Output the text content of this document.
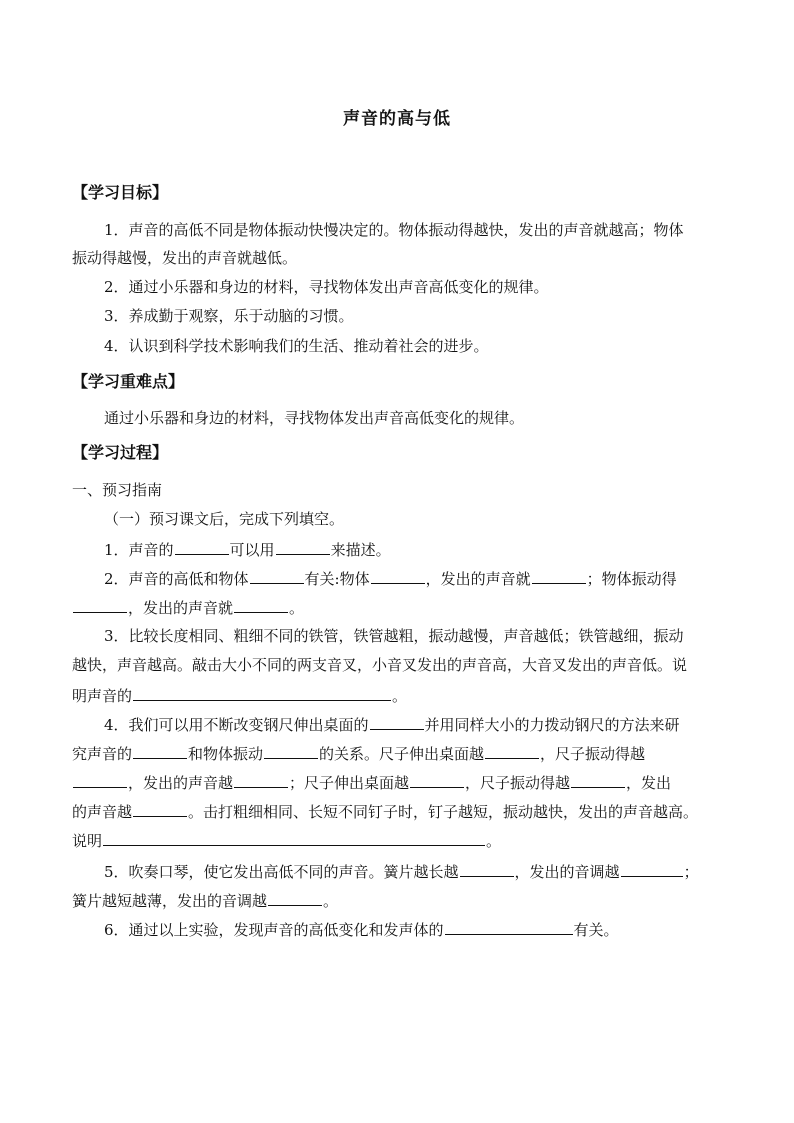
声音的高与低
【学习目标】
1．声音的高低不同是物体振动快慢决定的。物体振动得越快，发出的声音就越高；物体
振动得越慢，发出的声音就越低。
2．通过小乐器和身边的材料，寻找物体发出声音高低变化的规律。
3．养成勤于观察，乐于动脑的习惯。
4．认识到科学技术影响我们的生活、推动着社会的进步。
【学习重难点】
通过小乐器和身边的材料，寻找物体发出声音高低变化的规律。
【学习过程】
一、预习指南
（一）预习课文后，完成下列填空。
1．声音的	可以用	来描述。
2．声音的高低和物体	有关:物体	，发出的声音就	；物体振动得
，发出的声音就	。
3．比较长度相同、粗细不同的铁管，铁管越粗，振动越慢，声音越低；铁管越细，振动
越快，声音越高。敲击大小不同的两支音叉，小音叉发出的声音高，大音叉发出的声音低。说
明声音的	。
4．我们可以用不断改变钢尺伸出桌面的	并用同样大小的力拨动钢尺的方法来研
究声音的	和物体振动	的关系。尺子伸出桌面越	，尺子振动得越
，发出的声音越	；尺子伸出桌面越	，尺子振动得越	，发出
的声音越	。击打粗细相同、长短不同钉子时，钉子越短，振动越快，发出的声音越高。
说明	。
5．吹奏口琴，使它发出高低不同的声音。簧片越长越	，发出的音调越	；
簧片越短越薄，发出的音调越	。
6．通过以上实验，发现声音的高低变化和发声体的	有关。
